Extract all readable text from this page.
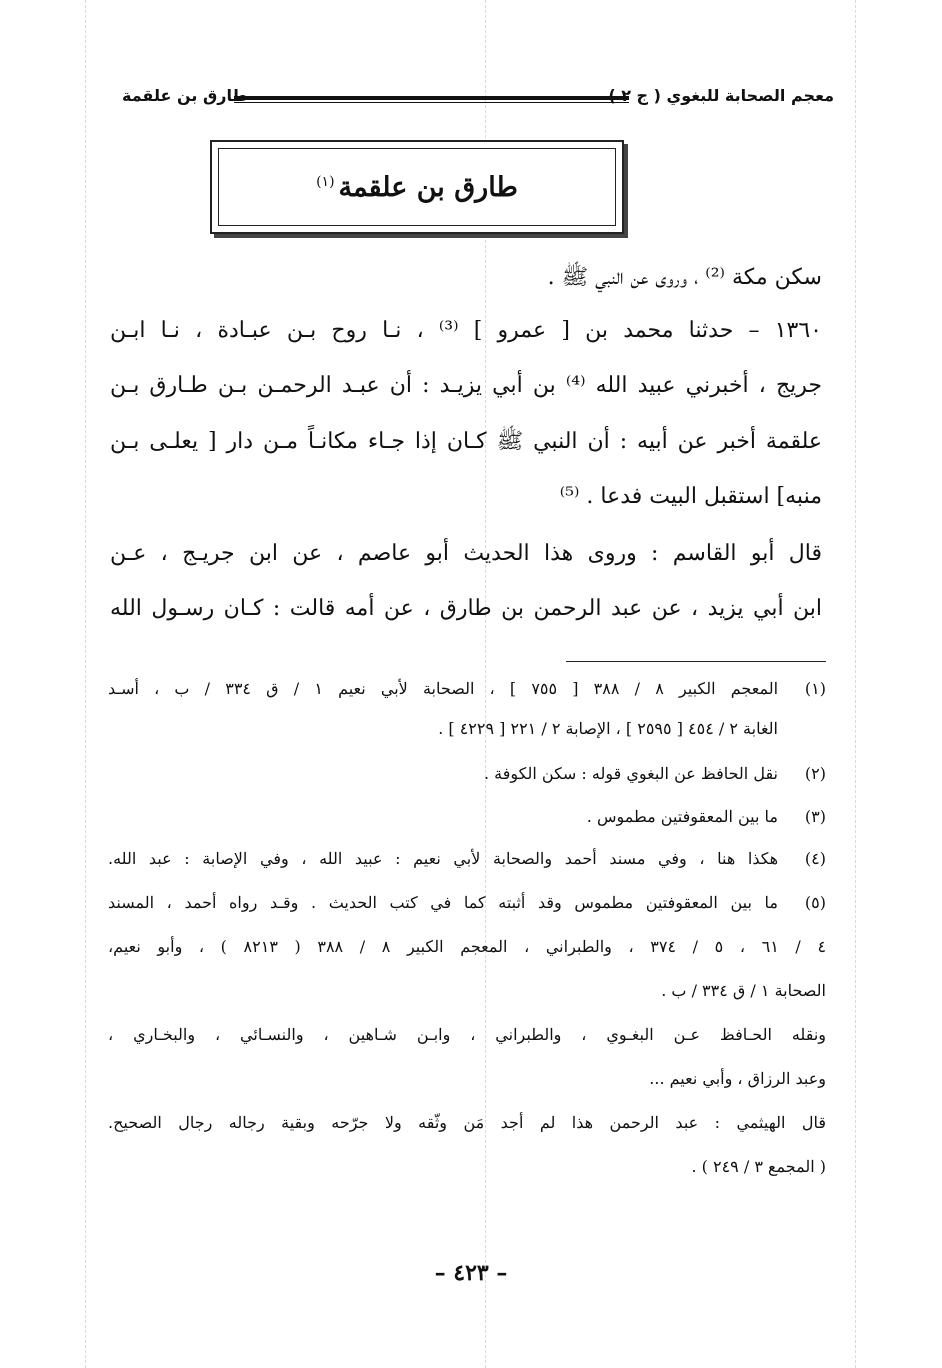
معجم الصحابة للبغوي ( ج ٢ )
طارق بن علقمة
طارق بن علقمة$^{(١)}$
سكن مكة ⁽²⁾ ، وروى عن النبي ﷺ .
١٣٦٠ – حدثنا محمد بن [ عمرو ] ⁽³⁾ ، نـا روح بـن عبـادة ، نـا ابـن
جريج ، أخبرني عبيد الله ⁽⁴⁾ بن أبي يزيـد : أن عبـد الرحمـن بـن طـارق بـن
علقمة أخبر عن أبيه : أن النبي ﷺ كـان إذا جـاء مكانـاً مـن دار [ يعلـى بـن
منبه] استقبل البيت فدعا . ⁽⁵⁾
قال أبو القاسم : وروى هذا الحديث أبو عاصم ، عن ابن جريـج ، عـن
ابن أبي يزيد ، عن عبد الرحمن بن طارق ، عن أمه قالت : كـان رسـول الله
(١)
المعجم الكبير ٨ / ٣٨٨ [ ٧٥٥ ] ، الصحابة لأبي نعيم ١ / ق ٣٣٤ / ب ، أسـد
الغابة ٢ / ٤٥٤ [ ٢٥٩٥ ] ، الإصابة ٢ / ٢٢١ [ ٤٢٢٩ ] .
(٢)
نقل الحافظ عن البغوي قوله : سكن الكوفة .
(٣)
ما بين المعقوفتين مطموس .
(٤)
هكذا هنا ، وفي مسند أحمد والصحابة لأبي نعيم : عبيد الله ، وفي الإصابة : عبد الله.
(٥)
ما بين المعقوفتين مطموس وقد أثبته كما في كتب الحديث . وقـد رواه أحمد ، المسند
٤ / ٦١ ، ٥ / ٣٧٤ ، والطبراني ، المعجم الكبير ٨ / ٣٨٨ ( ٨٢١٣ ) ، وأبو نعيم،
الصحابة ١ / ق ٣٣٤ / ب .
ونقله الحـافظ عـن البغـوي ، والطبراني ، وابـن شـاهين ، والنسـائي ، والبخـاري ،
وعبد الرزاق ، وأبي نعيم ...
قال الهيثمي : عبد الرحمن هذا لم أجد مَن وثّقه ولا جرّحه وبقية رجاله رجال الصحيح.
( المجمع ٣ / ٢٤٩ ) .
– ٤٢٣ –
